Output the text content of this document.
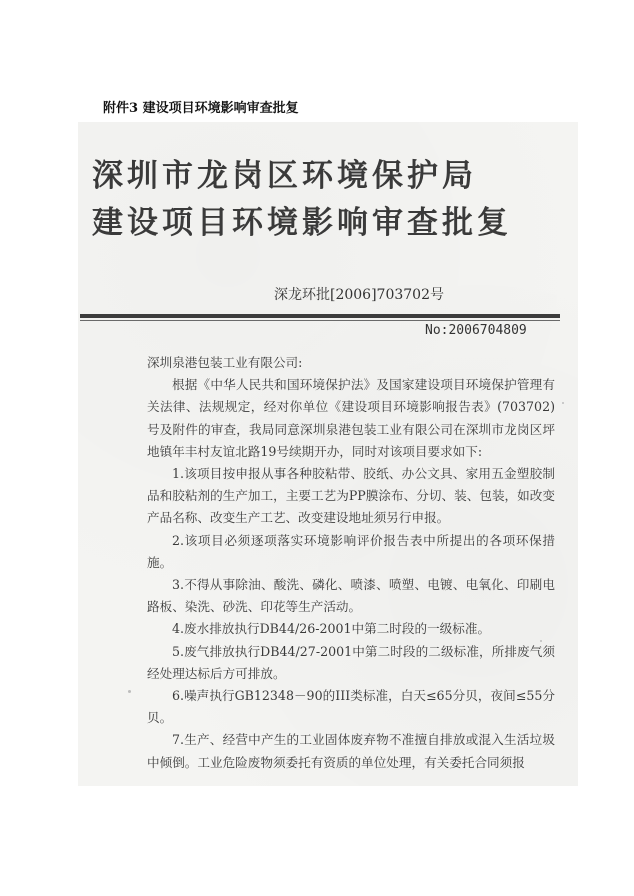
附件3 建设项目环境影响审查批复
深圳市龙岗区环境保护局
建设项目环境影响审查批复
深龙环批[2006]703702号
No:2006704809

深圳泉港包装工业有限公司:

根据《中华人民共和国环境保护法》及国家建设项目环境保护管理有关法律、法规规定，经对你单位《建设项目环境影响报告表》(703702)号及附件的审查，我局同意深圳泉港包装工业有限公司在深圳市龙岗区坪地镇年丰村友谊北路19号续期开办，同时对该项目要求如下:

1.该项目按申报从事各种胶粘带、胶纸、办公文具、家用五金塑胶制品和胶粘剂的生产加工，主要工艺为PP膜涂布、分切、装、包装，如改变产品名称、改变生产工艺、改变建设地址须另行申报。

2.该项目必须逐项落实环境影响评价报告表中所提出的各项环保措施。

3.不得从事除油、酸洗、磷化、喷漆、喷塑、电镀、电氧化、印刷电路板、染洗、砂洗、印花等生产活动。

4.废水排放执行DB44/26-2001中第二时段的一级标准。

5.废气排放执行DB44/27-2001中第二时段的二级标准，所排废气须经处理达标后方可排放。

6.噪声执行GB12348－90的III类标准，白天≤65分贝，夜间≤55分贝。

7.生产、经营中产生的工业固体废弃物不准擅自排放或混入生活垃圾中倾倒。工业危险废物须委托有资质的单位处理，有关委托合同须报
